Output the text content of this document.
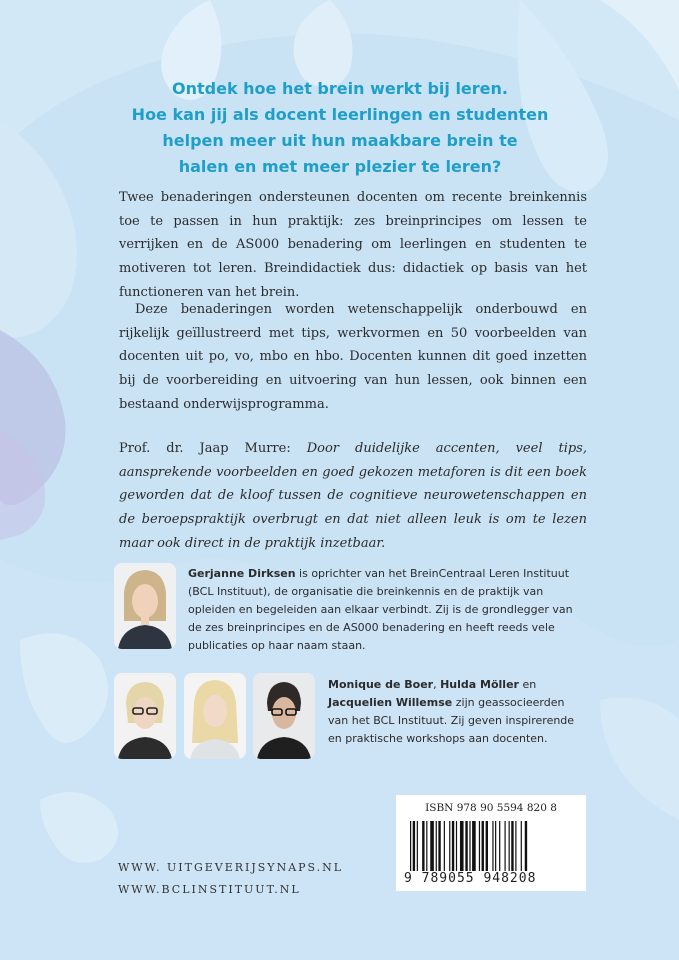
Ontdek hoe het brein werkt bij leren.
Hoe kan jij als docent leerlingen en studenten
helpen meer uit hun maakbare brein te
halen en met meer plezier te leren?

Twee benaderingen ondersteunen docenten om recente breinkennis toe te passen in hun praktijk: zes breinprincipes om lessen te verrijken en de AS000 benadering om leerlingen en studenten te motiveren tot leren. Breindidactiek dus: didactiek op basis van het functioneren van het brein.

Deze benaderingen worden wetenschappelijk onderbouwd en rijkelijk geïllustreerd met tips, werkvormen en 50 voorbeelden van docenten uit po, vo, mbo en hbo. Docenten kunnen dit goed inzetten bij de voorbereiding en uitvoering van hun lessen, ook binnen een bestaand onderwijsprogramma.

Prof. dr. Jaap Murre: Door duidelijke accenten, veel tips, aansprekende voorbeelden en goed gekozen metaforen is dit een boek geworden dat de kloof tussen de cognitieve neurowetenschappen en de beroepspraktijk overbrugt en dat niet alleen leuk is om te lezen maar ook direct in de praktijk inzetbaar.

Gerjanne Dirksen is oprichter van het BreinCentraal Leren Instituut (BCL Instituut), de organisatie die breinkennis en de praktijk van opleiden en begeleiden aan elkaar verbindt. Zij is de grondlegger van de zes breinprincipes en de AS000 benadering en heeft reeds vele publicaties op haar naam staan.

Monique de Boer, Hulda Möller en Jacquelien Willemse zijn geassocieerden van het BCL Instituut. Zij geven inspirerende en praktische workshops aan docenten.

ISBN 978 90 5594 820 8
9 789055 948208
WWW. UITGEVERIJSYNAPS.NL
WWW.BCLINSTITUUT.NL
